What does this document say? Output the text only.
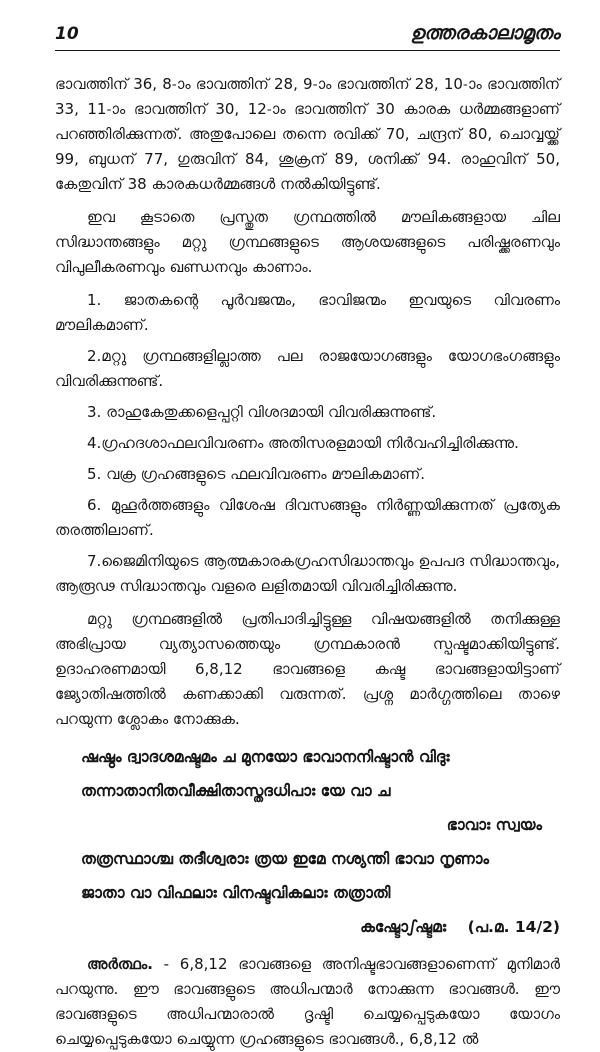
10	ഉത്തരകാലാമൃതം

ഭാവത്തിന് 36, 8-ാം ഭാവത്തിന് 28, 9-ാം ഭാവത്തിന് 28, 10-ാം ഭാവത്തിന് 33, 11-ാം ഭാവത്തിന് 30, 12-ാം ഭാവത്തിന് 30 കാരക ധർമ്മങ്ങളാണ് പറഞ്ഞിരിക്കുന്നത്. അതുപോലെ തന്നെ രവിക്ക് 70, ചന്ദ്രന് 80, ചൊവ്വയ്ക്ക് 99, ബുധന് 77, ഗുരുവിന് 84, ശുക്രന് 89, ശനിക്ക് 94. രാഹുവിന് 50, കേതുവിന് 38 കാരകധർമ്മങ്ങൾ നൽകിയിട്ടുണ്ട്.

ഇവ കൂടാതെ പ്രസ്തുത ഗ്രന്ഥത്തിൽ മൗലികങ്ങളായ ചില സിദ്ധാന്തങ്ങളും മറ്റു ഗ്രന്ഥങ്ങളുടെ ആശയങ്ങളുടെ പരിഷ്ക്കരണവും വിപുലീകരണവും ഖണ്ഡനവും കാണാം.

1. ജാതകന്റെ പൂർവജന്മം, ഭാവിജന്മം ഇവയുടെ വിവരണം മൗലികമാണ്.

2.മറ്റു ഗ്രന്ഥങ്ങളില്ലാത്ത പല രാജയോഗങ്ങളും യോഗഭംഗങ്ങളും വിവരിക്കുന്നുണ്ട്.

3. രാഹുകേതുക്കളെപ്പറ്റി വിശദമായി വിവരിക്കുന്നുണ്ട്.

4.ഗ്രഹദശാഫലവിവരണം അതിസരളമായി നിർവഹിച്ചിരിക്കുന്നു.

5. വക്ര ഗ്രഹങ്ങളുടെ ഫലവിവരണം മൗലികമാണ്.

6. മുഹൂർത്തങ്ങളും വിശേഷ ദിവസങ്ങളും നിർണ്ണയിക്കുന്നത് പ്രത്യേക തരത്തിലാണ്.

7.ജൈമിനിയുടെ ആത്മകാരകഗ്രഹസിദ്ധാന്തവും ഉപപദ സിദ്ധാന്തവും, ആരൂഢ സിദ്ധാന്തവും വളരെ ലളിതമായി വിവരിച്ചിരിക്കുന്നു.

മറ്റു ഗ്രന്ഥങ്ങളിൽ പ്രതിപാദിച്ചിട്ടുള്ള വിഷയങ്ങളിൽ തനിക്കുള്ള അഭിപ്രായ വ്യത്യാസത്തെയും ഗ്രന്ഥകാരൻ സ്പഷ്ടമാക്കിയിട്ടുണ്ട്. ഉദാഹരണമായി 6,8,12 ഭാവങ്ങളെ കഷ്ട ഭാവങ്ങളായിട്ടാണ് ജ്യോതിഷത്തിൽ കണക്കാക്കി വരുന്നത്. പ്രശ്ന മാർഗ്ഗത്തിലെ താഴെ പറയുന്ന ശ്ലോകം നോക്കുക.

ഷഷ്ഠം ദ്വാദശമഷ്ടമം ച മുനയോ ഭാവാനനിഷ്ടാൻ വിദുഃ
തന്നാതാനിതവീക്ഷിതാസ്തദധിപാഃ യേ വാ ച
ഭാവാഃ സ്വയം
തത്രസ്ഥാശ്ച തദീശ്വരാഃ ത്രയ ഇമേ നശ്യന്തി ഭാവാ നൃണാം
ജാതാ വാ വിഫലാഃ വിനഷ്ടവികലാഃ തത്രാതി
കഷ്ടോഽഷ്ടമഃ (പ.മ. 14/2)

അർത്ഥം. - 6,8,12 ഭാവങ്ങളെ അനിഷ്ടഭാവങ്ങളാണെന്ന് മുനിമാർ പറയുന്നു. ഈ ഭാവങ്ങളുടെ അധിപന്മാർ നോക്കുന്ന ഭാവങ്ങൾ. ഈ ഭാവങ്ങളുടെ അധിപന്മാരാൽ ദൃഷ്ടി ചെയ്യപ്പെടുകയോ യോഗം ചെയ്യപ്പെടുകയോ ചെയ്യുന്ന ഗ്രഹങ്ങളുടെ ഭാവങ്ങൾ., 6,8,12 ൽ
